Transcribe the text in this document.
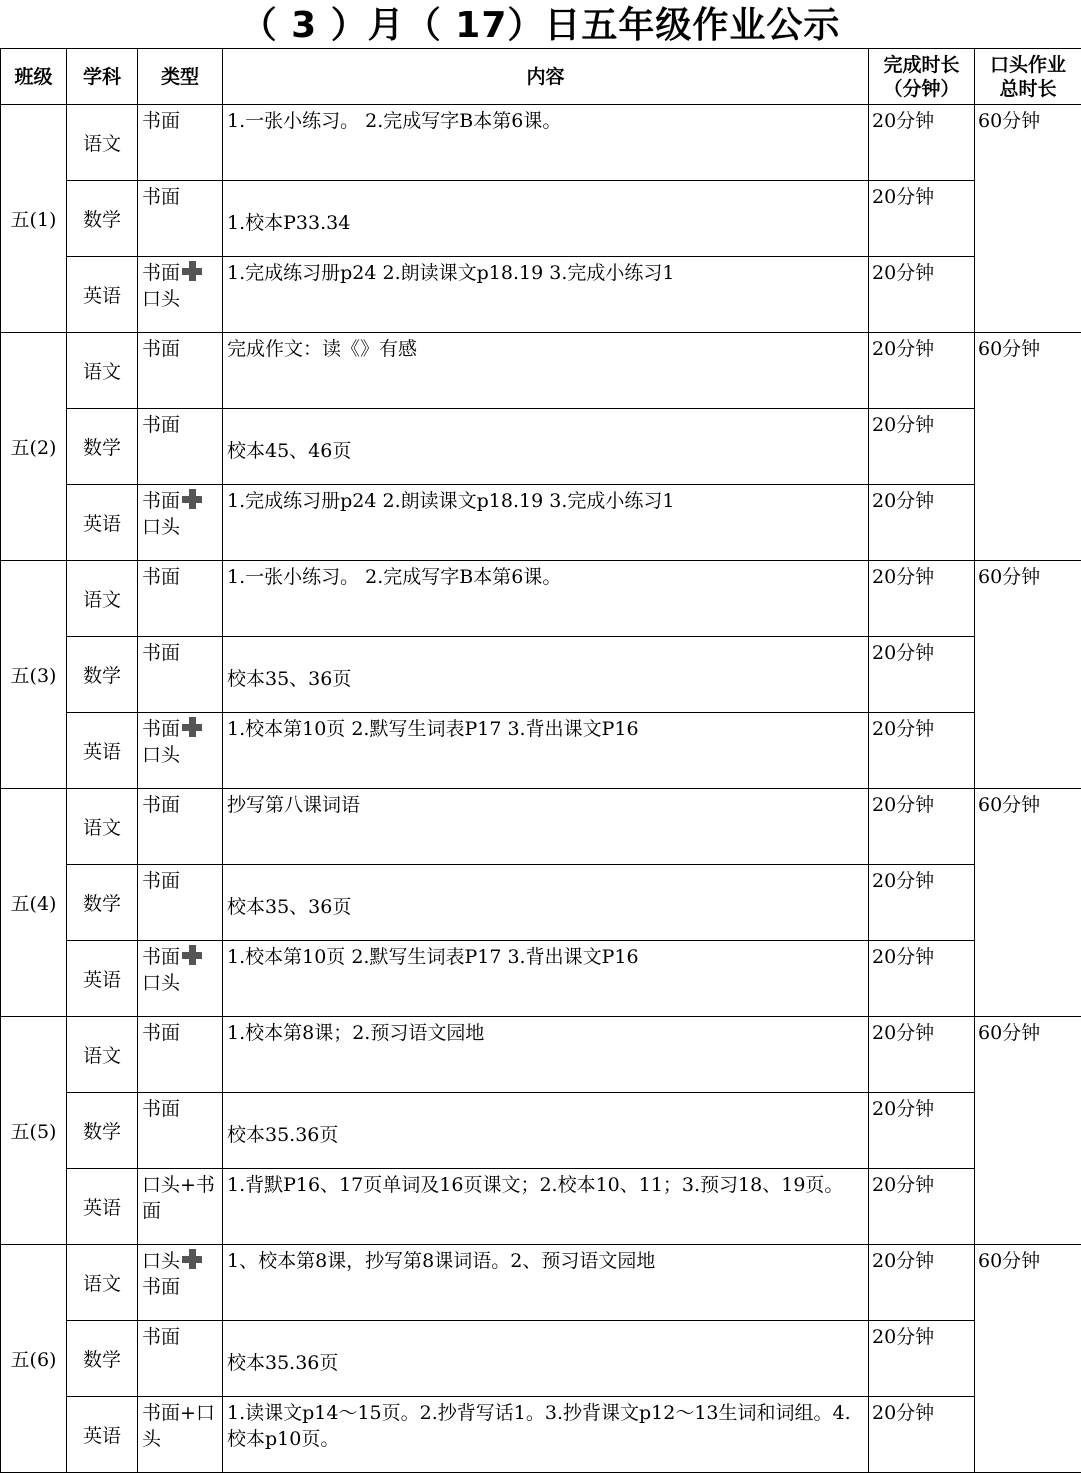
（ 3 ）月（ 17）日五年级作业公示
班级	学科	类型	内容	完成时长
（分钟）	口头作业
总时长
五(1)	语文	书面	1.一张小练习。 2.完成写字B本第6课。	20分钟	60分钟
	数学	书面	1.校本P33.34	20分钟	
	英语	书面
口头	1.完成练习册p24 2.朗读课文p18.19 3.完成小练习1	20分钟	
五(2)	语文	书面	完成作文：读《》有感	20分钟	60分钟
	数学	书面	校本45、46页	20分钟	
	英语	书面
口头	1.完成练习册p24 2.朗读课文p18.19 3.完成小练习1	20分钟	
五(3)	语文	书面	1.一张小练习。 2.完成写字B本第6课。	20分钟	60分钟
	数学	书面	校本35、36页	20分钟	
	英语	书面
口头	1.校本第10页 2.默写生词表P17 3.背出课文P16	20分钟	
五(4)	语文	书面	抄写第八课词语	20分钟	60分钟
	数学	书面	校本35、36页	20分钟	
	英语	书面
口头	1.校本第10页 2.默写生词表P17 3.背出课文P16	20分钟	
五(5)	语文	书面	1.校本第8课；2.预习语文园地	20分钟	60分钟
	数学	书面	校本35.36页	20分钟	
	英语	口头+书
面	1.背默P16、17页单词及16页课文；2.校本10、11；3.预习18、19页。	20分钟	
五(6)	语文	口头
书面	1、校本第8课，抄写第8课词语。2、预习语文园地	20分钟	60分钟
	数学	书面	校本35.36页	20分钟	
	英语	书面+口
头	1.读课文p14～15页。2.抄背写话1。3.抄背课文p12～13生词和词组。4.校本p10页。	20分钟	
